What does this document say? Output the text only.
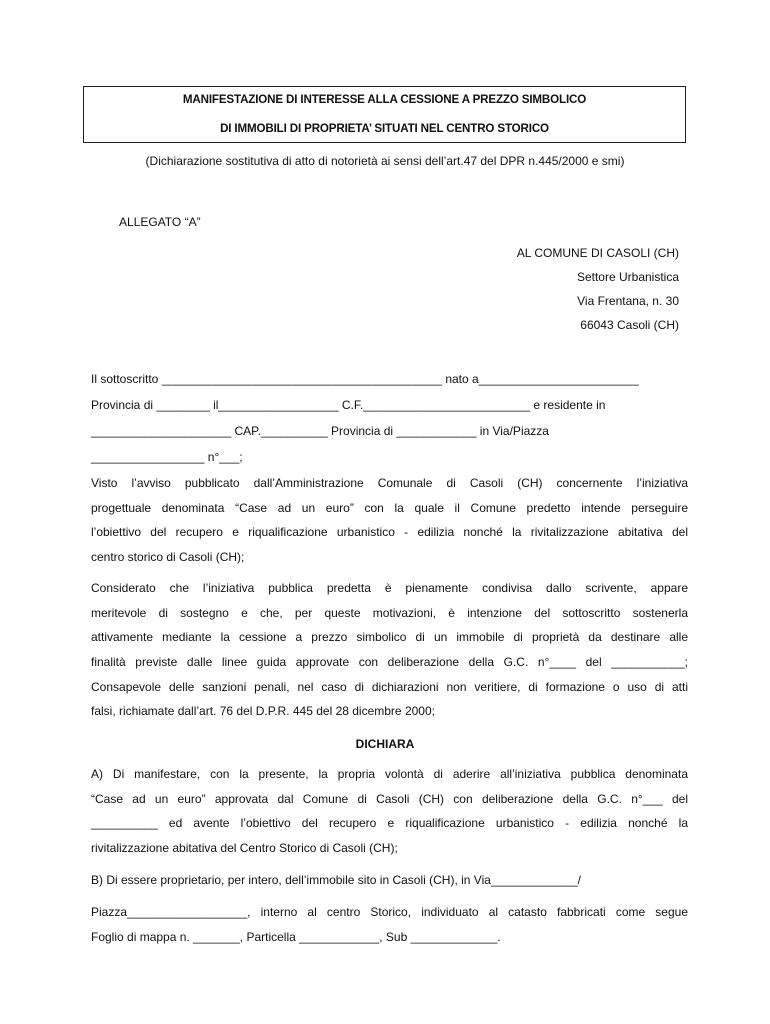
MANIFESTAZIONE DI INTERESSE ALLA CESSIONE A PREZZO SIMBOLICO
DI IMMOBILI DI PROPRIETA’ SITUATI NEL CENTRO STORICO
(Dichiarazione sostitutiva di atto di notorietà ai sensi dell’art.47 del DPR n.445/2000 e smi)
ALLEGATO “A”
AL COMUNE DI CASOLI (CH)
Settore Urbanistica
Via Frentana, n. 30
66043 Casoli (CH)
Il sottoscritto __________________________________________ nato a________________________
Provincia di ________ il__________________ C.F._________________________ e residente in
_____________________ CAP.__________ Provincia di ____________ in Via/Piazza
_________________ n°___;
Visto l’avviso pubblicato dall’Amministrazione Comunale di Casoli (CH) concernente l’iniziativa
progettuale denominata “Case ad un euro” con la quale il Comune predetto intende perseguire
l’obiettivo del recupero e riqualificazione urbanistico - edilizia nonché la rivitalizzazione abitativa del
centro storico di Casoli (CH);
Considerato che l’iniziativa pubblica predetta è pienamente condivisa dallo scrivente, appare
meritevole di sostegno e che, per queste motivazioni, è intenzione del sottoscritto sostenerla
attivamente mediante la cessione a prezzo simbolico di un immobile di proprietà da destinare alle
finalità previste dalle linee guida approvate con deliberazione della G.C. n°____ del ___________;
Consapevole delle sanzioni penali, nel caso di dichiarazioni non veritiere, di formazione o uso di atti
falsi, richiamate dall’art. 76 del D.P.R. 445 del 28 dicembre 2000;
DICHIARA
A) Di manifestare, con la presente, la propria volontà di aderire all’iniziativa pubblica denominata
“Case ad un euro” approvata dal Comune di Casoli (CH) con deliberazione della G.C. n°___ del
__________ ed avente l’obiettivo del recupero e riqualificazione urbanistico - edilizia nonché la
rivitalizzazione abitativa del Centro Storico di Casoli (CH);
B) Di essere proprietario, per intero, dell’immobile sito in Casoli (CH), in Via_____________/
Piazza__________________, interno al centro Storico, individuato al catasto fabbricati come segue
Foglio di mappa n. _______, Particella ____________, Sub _____________.
